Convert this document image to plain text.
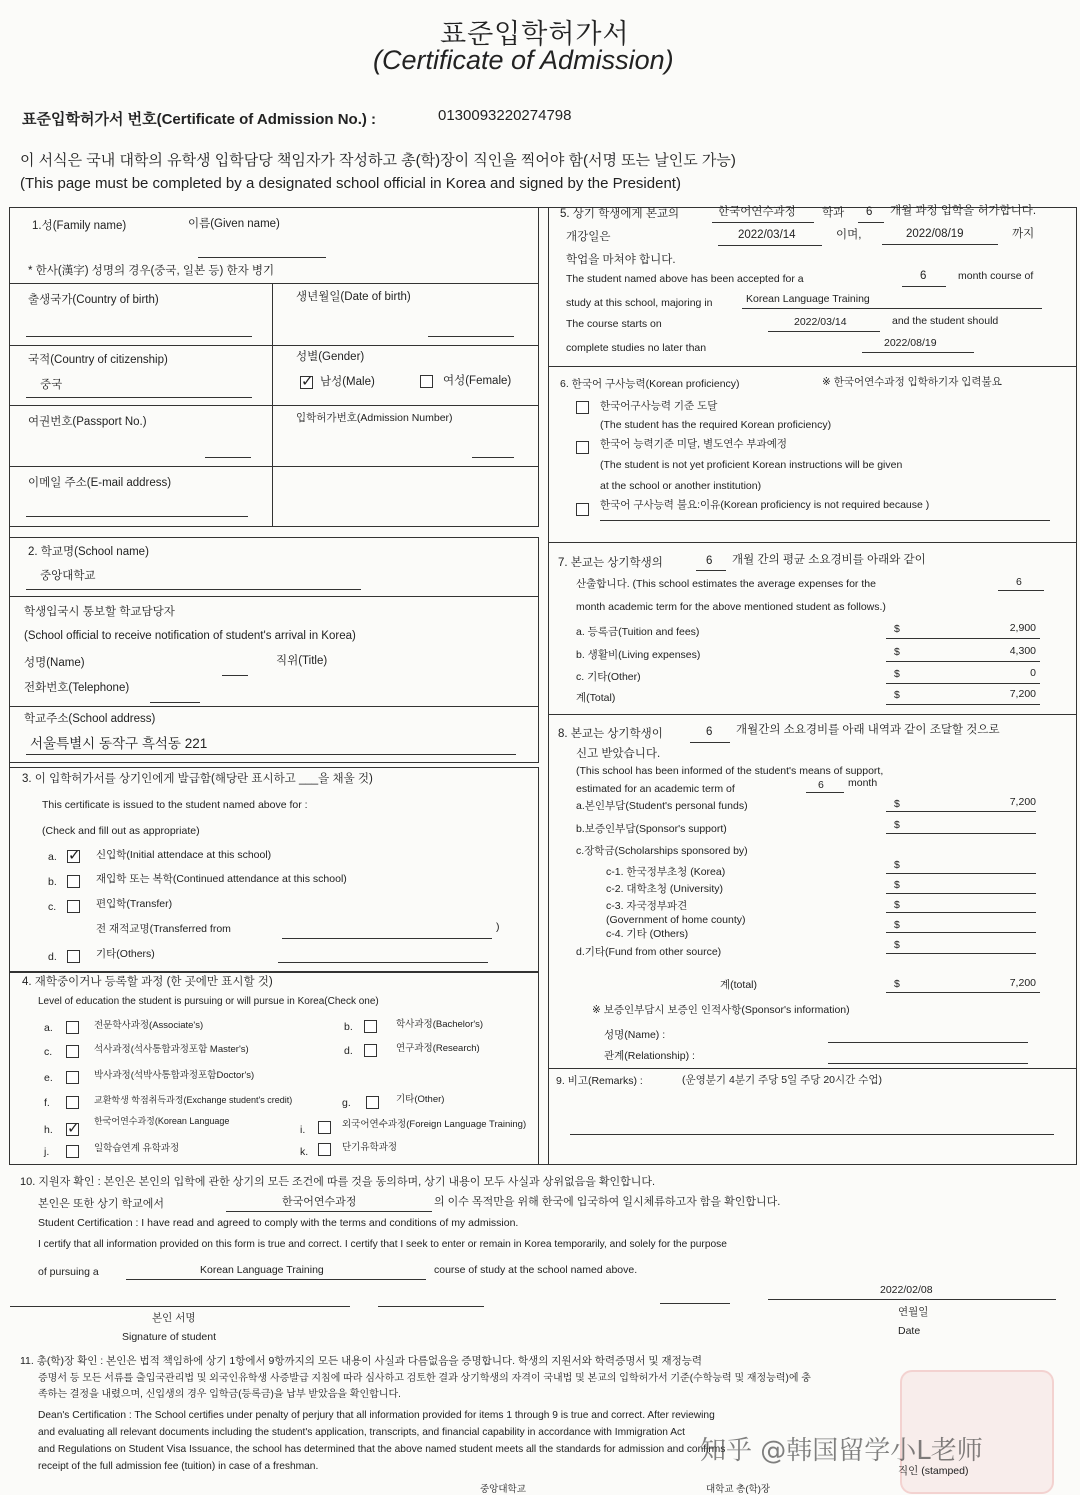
표준입학허가서
(Certificate of Admission)
표준입학허가서 번호(Certificate of Admission No.) :	0130093220274798
이 서식은 국내 대학의 유학생 입학담당 책임자가 작성하고 총(학)장이 직인을 찍어야 함(서명 또는 날인도 가능)
(This page must be completed by a designated school official in Korea and signed by the President)
1.성(Family name)	이름(Given name)
* 한사(漢字) 성명의 경우(중국, 일본 등) 한자 병기
출생국가(Country of birth)	생년월일(Date of birth)
국적(Country of citizenship)
중국
성별(Gender)
✓
남성(Male)	여성(Female)
여권번호(Passport No.)	입학허가번호(Admission Number)
이메일 주소(E-mail address)
2. 학교명(School name)
중앙대학교
학생입국시 통보할 학교담당자
(School official to receive notification of student's arrival in Korea)
성명(Name)	직위(Title)
전화번호(Telephone)
학교주소(School address)
서울특별시 동작구 흑석동 221
3. 이 입학허가서를 상기인에게 발급함(해당란 표시하고 ___을 채울 것)
This certificate is issued to the student named above for :
(Check and fill out as appropriate)
a.
✓	신입학(Initial attendace at this school)
b.	재입학 또는 복학(Continued attendance at this school)
c.	편입학(Transfer)
전 재적교명(Transferred from	)
d.	기타(Others)
4. 재학중이거나 등록할 과정 (한 곳에만 표시할 것)
Level of education the student is pursuing or will pursue in Korea(Check one)
a.	전문학사과정(Associate's)	b.	학사과정(Bachelor's)
c.	석사과정(석사통합과정포함 Master's)	d.	연구과정(Research)
e.	박사과정(석박사통합과정포함Doctor's)
f.	교환학생 학점취득과정(Exchange student's credit)	g.	기타(Other)
h.
✓
한국어연수과정(Korean Language
i.	외국어연수과정(Foreign Language Training)
j.	일학습연계 유학과정	k.	단기유학과정
5. 상기 학생에게 본교의	한국어연수과정 학과 6 개월 과정 입학을 허가합니다.
개강일은	2022/03/14	이며,	2022/08/19	까지
학업을 마쳐야 합니다.
The student named above has been accepted for a	6	month course of
study at this school, majoring in	Korean Language Training
The course starts on	2022/03/14	and the student should
complete studies no later than	2022/08/19
6. 한국어 구사능력(Korean proficiency)	※ 한국어연수과정 입학하기자 입력불요
한국어구사능력 기준 도달
(The student has the required Korean proficiency)
한국어 능력기준 미달, 별도연수 부과예정
(The student is not yet proficient Korean instructions will be given
at the school or another institution)
한국어 구사능력 불요:이유(Korean proficiency is not required because )
7. 본교는 상기학생의	6 개월 간의 평균 소요경비를 아래와 같이
산출합니다. (This school estimates the average expenses for the	6
month academic term for the above mentioned student as follows.)
a. 등록금(Tuition and fees)	$	2,900
b. 생활비(Living expenses)	$	4,300
c. 기타(Other)	$	0
계(Total)	$	7,200
8. 본교는 상기학생이	6 개월간의 소요경비를 아래 내역과 같이 조달할 것으로
신고 받았습니다.
(This school has been informed of the student's means of support,
estimated for an academic term of	6 month
a.본인부담(Student's personal funds)	$	7,200
b.보증인부담(Sponsor's support)	$
c.장학금(Scholarships sponsored by)
c-1. 한국정부초청 (Korea)
$
c-2. 대학초청 (University)	$
c-3. 자국정부파견	$
(Government of home county)
c-4. 기타 (Others)
$
d.기타(Fund from other source)
$
계(total)	$	7,200
※ 보증인부담시 보증인 인적사항(Sponsor's information)
성명(Name) :
관계(Relationship) :
9. 비고(Remarks) :	(운영분기 4분기 주당 5일 주당 20시간 수업)
10. 지원자 확인 : 본인은 본인의 입학에 관한 상기의 모든 조건에 따를 것을 동의하며, 상기 내용이 모두 사실과 상위없음을 확인합니다.
본인은 또한 상기 학교에서	한국어연수과정	의 이수 목적만을 위해 한국에 입국하여 일시체류하고자 함을 확인합니다.
Student Certification : I have read and agreed to comply with the terms and conditions of my admission.
I certify that all information provided on this form is true and correct. I certify that I seek to enter or remain in Korea temporarily, and solely for the purpose
of pursuing a	Korean Language Training	course of study at the school named above.
2022/02/08
본인 서명
Signature of student
연월일
Date
11. 총(학)장 확인 : 본인은 법적 책임하에 상기 1항에서 9항까지의 모든 내용이 사실과 다름없음을 증명합니다. 학생의 지원서와 학력증명서 및 재정능력
증명서 등 모든 서류를 출입국관리법 및 외국인유학생 사증발급 지침에 따라 심사하고 검토한 결과 상기학생의 자격이 국내법 및 본교의 입학허가서 기준(수학능력 및 재정능력)에 충
족하는 결정을 내렸으며, 신입생의 경우 입학금(등록금)을 납부 받았음을 확인합니다.
Dean's Certification : The School certifies under penalty of perjury that all information provided for items 1 through 9 is true and correct. After reviewing
and evaluating all relevant documents including the student's application, transcripts, and financial capability in accordance with Immigration Act
and Regulations on Student Visa Issuance, the school has determined that the above named student meets all the standards for admission and confirms
receipt of the full admission fee (tuition) in case of a freshman.	직인 (stamped)
중앙대학교	대학교 총(학)장
知乎 @韩国留学小L老师
